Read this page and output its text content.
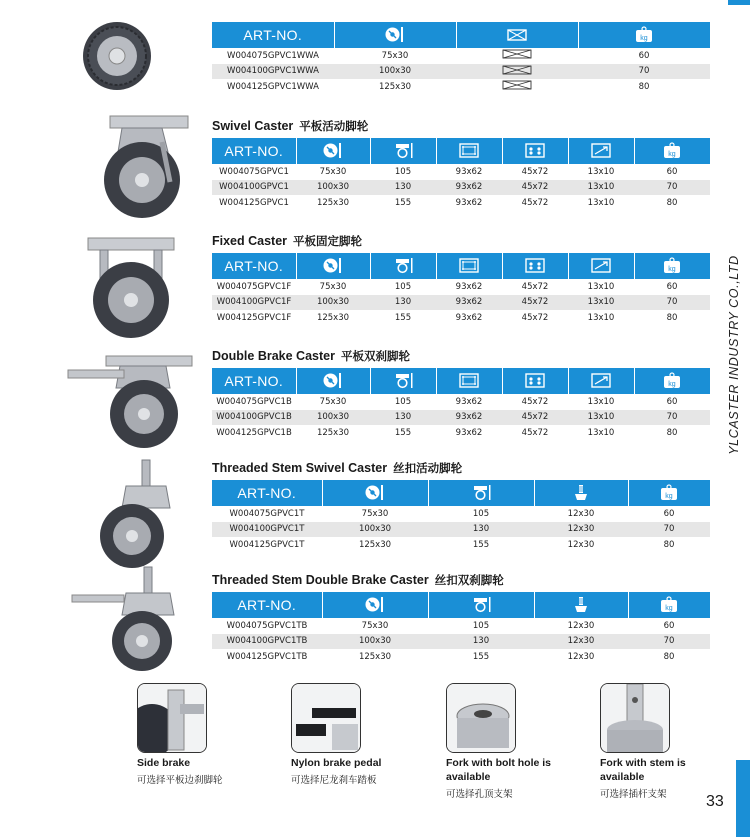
YLCASTER INDUSTRY CO.,LTD
ART-NO.			
W004075GPVC1WWA	75x30		60
W004100GPVC1WWA	100x30		70
W004125GPVC1WWA	125x30		80
Swivel Caster 平板活动脚轮
ART-NO.						
W004075GPVC1	75x30	105	93x62	45x72	13x10	60
W004100GPVC1	100x30	130	93x62	45x72	13x10	70
W004125GPVC1	125x30	155	93x62	45x72	13x10	80
Fixed Caster 平板固定脚轮
ART-NO.						
W004075GPVC1F	75x30	105	93x62	45x72	13x10	60
W004100GPVC1F	100x30	130	93x62	45x72	13x10	70
W004125GPVC1F	125x30	155	93x62	45x72	13x10	80
Double Brake Caster 平板双刹脚轮
ART-NO.						
W004075GPVC1B	75x30	105	93x62	45x72	13x10	60
W004100GPVC1B	100x30	130	93x62	45x72	13x10	70
W004125GPVC1B	125x30	155	93x62	45x72	13x10	80
Threaded Stem Swivel Caster 丝扣活动脚轮
ART-NO.				
W004075GPVC1T	75x30	105	12x30	60
W004100GPVC1T	100x30	130	12x30	70
W004125GPVC1T	125x30	155	12x30	80
Threaded Stem Double Brake Caster 丝扣双刹脚轮
ART-NO.				
W004075GPVC1TB	75x30	105	12x30	60
W004100GPVC1TB	100x30	130	12x30	70
W004125GPVC1TB	125x30	155	12x30	80
Side brake
可选择平板边刹脚轮
Nylon brake pedal
可选择尼龙刹车踏板
Fork with bolt hole is available
可选择孔顶支架
Fork with stem is available
可选择插杆支架	33
